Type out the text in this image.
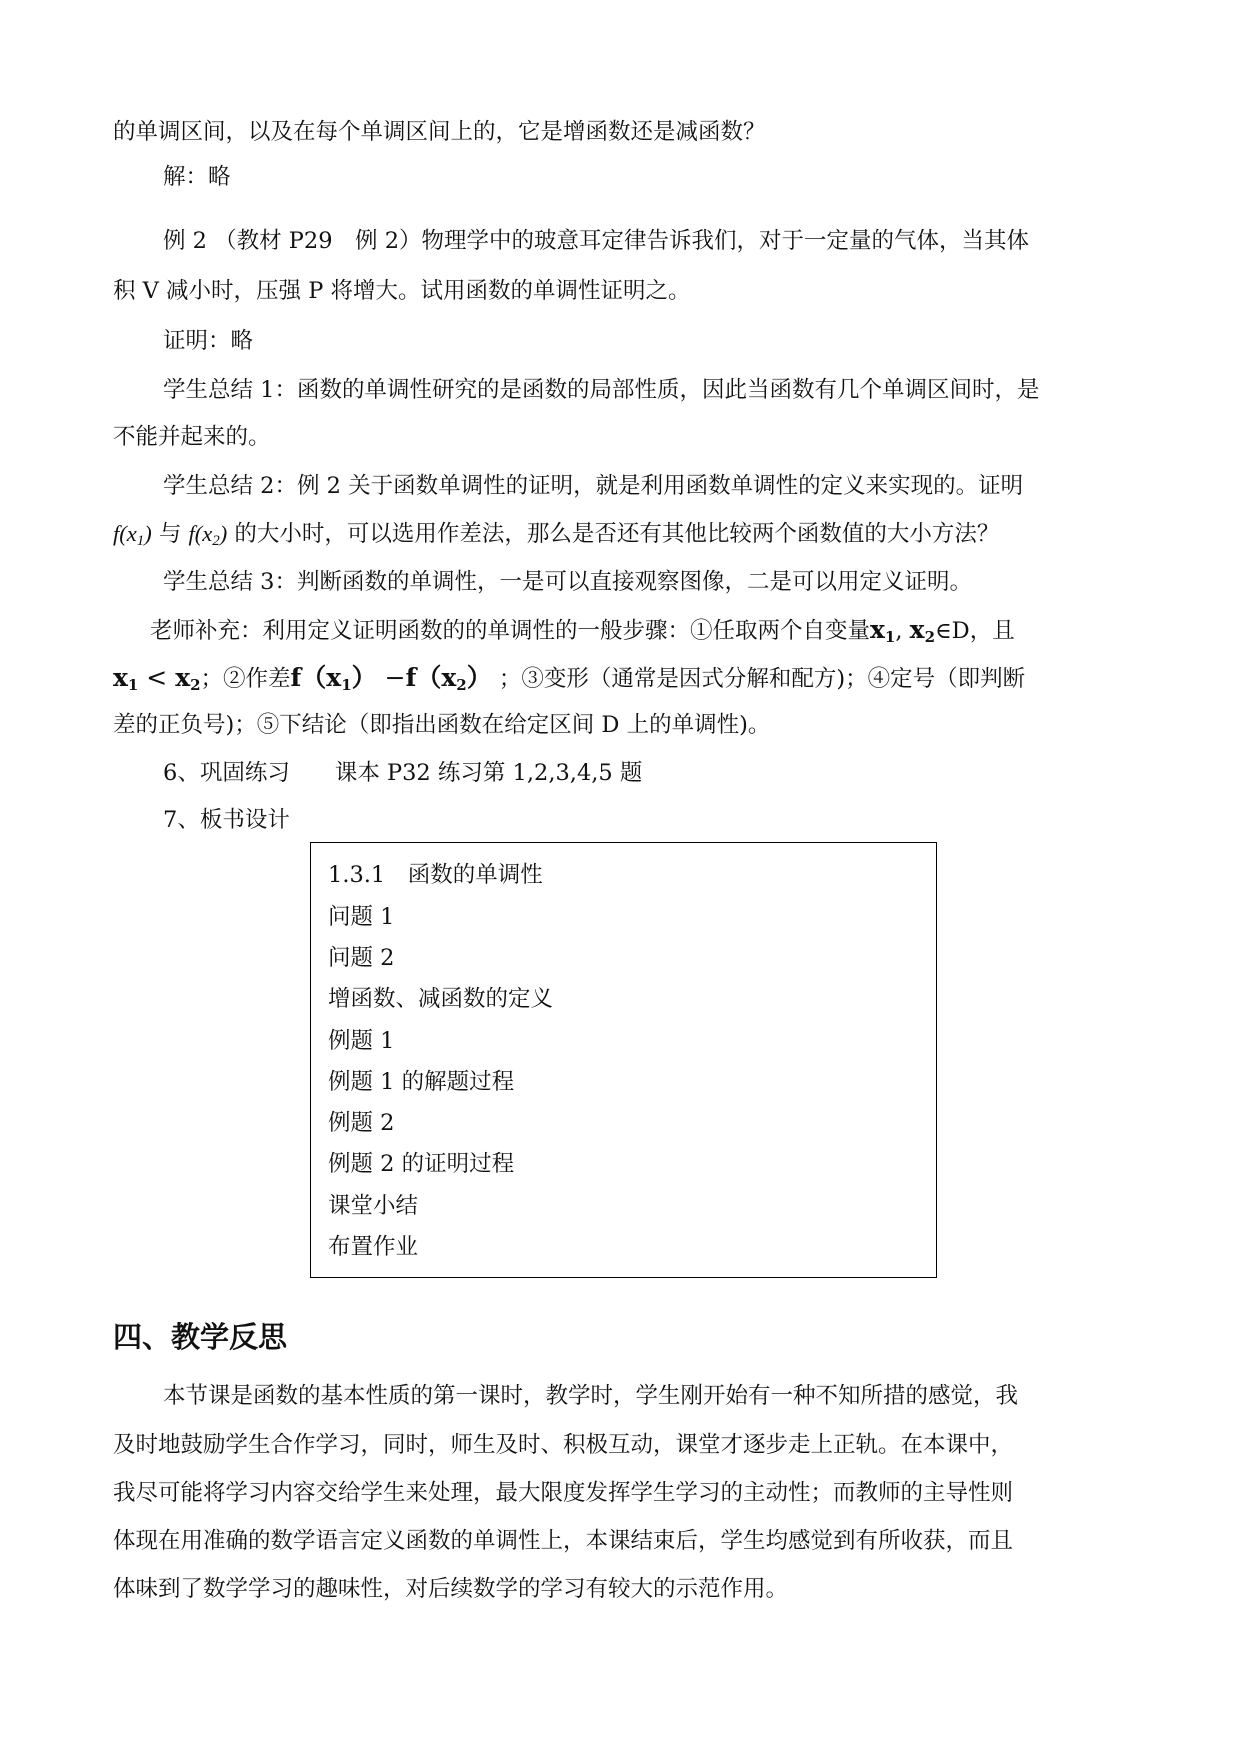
的单调区间，以及在每个单调区间上的，它是增函数还是减函数？
解：略
例 2 （教材 P29　例 2）物理学中的玻意耳定律告诉我们，对于一定量的气体，当其体
积 V 减小时，压强 P 将增大。试用函数的单调性证明之。
证明：略
学生总结 1：函数的单调性研究的是函数的局部性质，因此当函数有几个单调区间时，是
不能并起来的。
学生总结 2：例 2 关于函数单调性的证明，就是利用函数单调性的定义来实现的。证明
$f(x_1)$ 与 $f(x_2)$ 的大小时，可以选用作差法，那么是否还有其他比较两个函数值的大小方法？
学生总结 3：判断函数的单调性，一是可以直接观察图像，二是可以用定义证明。
老师补充：利用定义证明函数的的单调性的一般步骤：①任取两个自变量$x_1$, $x_2\in D$，且
$x_1 < x_2$；②作差$f(x_1) -f(x_2)$ ；③变形（通常是因式分解和配方)；④定号（即判断
差的正负号)；⑤下结论（即指出函数在给定区间 D 上的单调性)。
6、巩固练习　　课本 P32 练习第 1,2,3,4,5 题
7、板书设计
1.3.1　函数的单调性
问题 1
问题 2
增函数、减函数的定义
例题 1
例题 1 的解题过程
例题 2
例题 2 的证明过程
课堂小结
布置作业
四、教学反思
本节课是函数的基本性质的第一课时，教学时，学生刚开始有一种不知所措的感觉，我
及时地鼓励学生合作学习，同时，师生及时、积极互动，课堂才逐步走上正轨。在本课中，
我尽可能将学习内容交给学生来处理，最大限度发挥学生学习的主动性；而教师的主导性则
体现在用准确的数学语言定义函数的单调性上，本课结束后，学生均感觉到有所收获，而且
体味到了数学学习的趣味性，对后续数学的学习有较大的示范作用。
